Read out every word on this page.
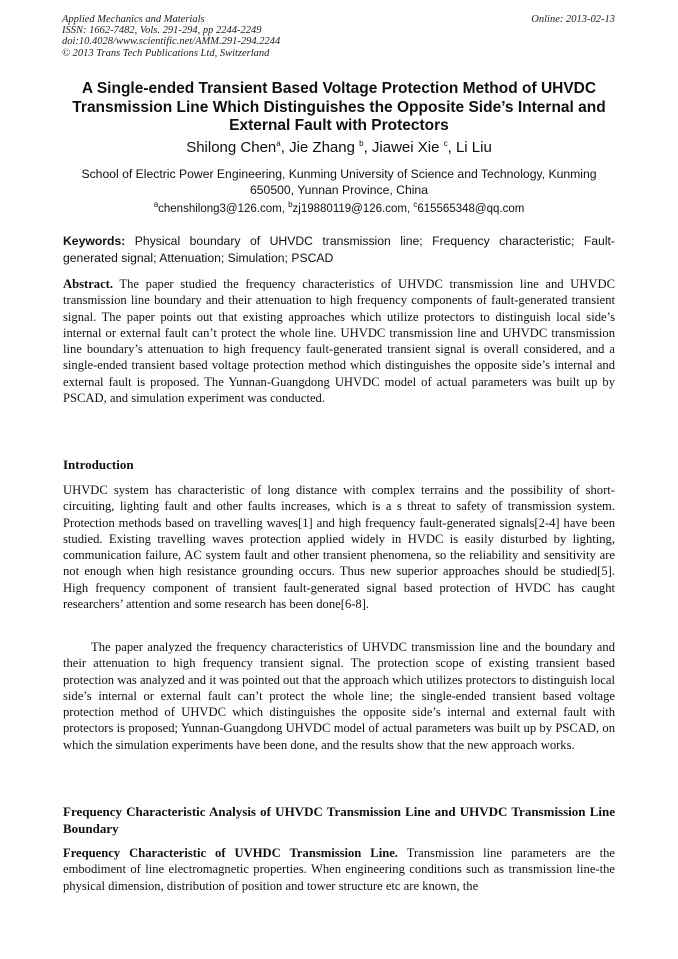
Applied Mechanics and Materials
ISSN: 1662-7482, Vols. 291-294, pp 2244-2249
doi:10.4028/www.scientific.net/AMM.291-294.2244
© 2013 Trans Tech Publications Ltd, Switzerland
Online: 2013-02-13
A Single-ended Transient Based Voltage Protection Method of UHVDC Transmission Line Which Distinguishes the Opposite Side’s Internal and External Fault with Protectors
Shilong Chen$^a$, Jie Zhang $^b$, Jiawei Xie $^c$, Li Liu
School of Electric Power Engineering, Kunming University of Science and Technology, Kunming 650500, Yunnan Province, China
$^a$chenshilong3@126.com, $^b$zj19880119@126.com, $^c$615565348@qq.com
Keywords: Physical boundary of UHVDC transmission line; Frequency characteristic; Fault-generated signal; Attenuation; Simulation; PSCAD
Abstract. The paper studied the frequency characteristics of UHVDC transmission line and UHVDC transmission line boundary and their attenuation to high frequency components of fault-generated transient signal. The paper points out that existing approaches which utilize protectors to distinguish local side’s internal or external fault can’t protect the whole line. UHVDC transmission line and UHVDC transmission line boundary’s attenuation to high frequency fault-generated transient signal is overall considered, and a single-ended transient based voltage protection method which distinguishes the opposite side’s internal and external fault is proposed. The Yunnan-Guangdong UHVDC model of actual parameters was built up by PSCAD, and simulation experiment was conducted.
Introduction
UHVDC system has characteristic of long distance with complex terrains and the possibility of short-circuiting, lighting fault and other faults increases, which is a s threat to safety of transmission system. Protection methods based on travelling waves[1] and high frequency fault-generated signals[2-4] have been studied. Existing travelling waves protection applied widely in HVDC is easily disturbed by lighting, communication failure, AC system fault and other transient phenomena, so the reliability and sensitivity are not enough when high resistance grounding occurs. Thus new superior approaches should be studied[5]. High frequency component of transient fault-generated signal based protection of HVDC has caught researchers’ attention and some research has been done[6-8].
The paper analyzed the frequency characteristics of UHVDC transmission line and the boundary and their attenuation to high frequency transient signal. The protection scope of existing transient based protection was analyzed and it was pointed out that the approach which utilizes protectors to distinguish local side’s internal or external fault can’t protect the whole line; the single-ended transient based voltage protection method of UHVDC which distinguishes the opposite side’s internal and external fault with protectors is proposed; Yunnan-Guangdong UHVDC model of actual parameters was built up by PSCAD, on which the simulation experiments have been done, and the results show that the new approach works.
Frequency Characteristic Analysis of UHVDC Transmission Line and UHVDC Transmission Line Boundary
Frequency Characteristic of UVHDC Transmission Line. Transmission line parameters are the embodiment of line electromagnetic properties. When engineering conditions such as transmission line-the physical dimension, distribution of position and tower structure etc are known, the
